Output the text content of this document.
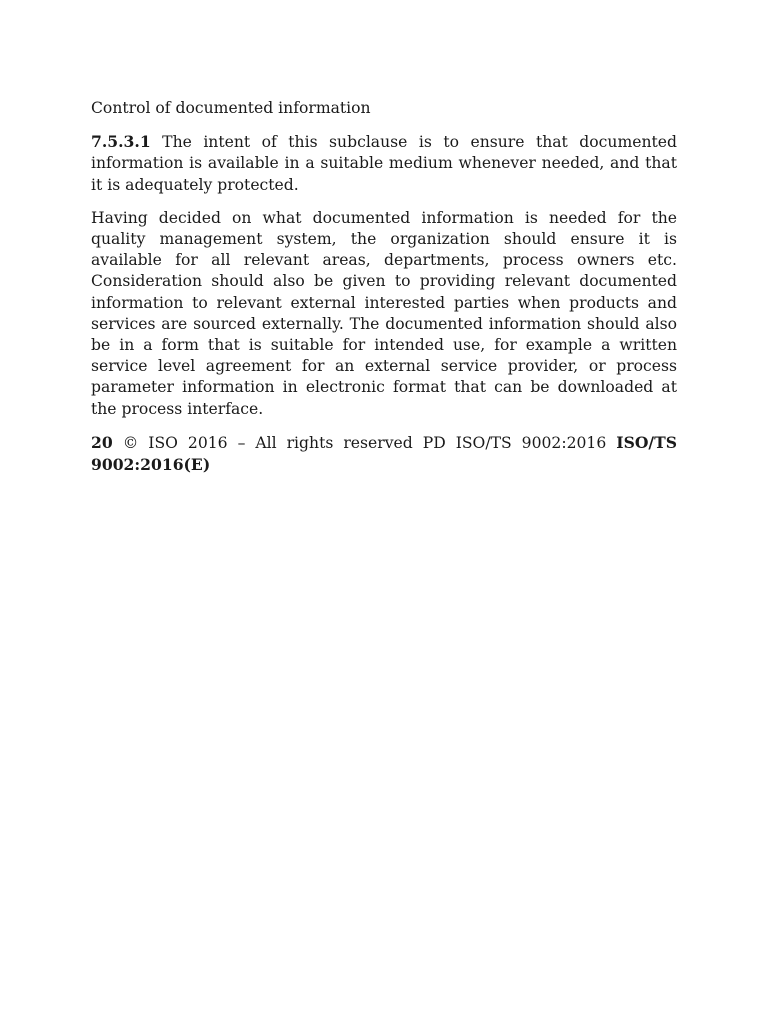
Control of documented information

7.5.3.1 The intent of this subclause is to ensure that documented information is available in a suitable medium whenever needed, and that it is adequately protected.

Having decided on what documented information is needed for the quality management system, the organization should ensure it is available for all relevant areas, departments, process owners etc. Consideration should also be given to providing relevant documented information to relevant external interested parties when products and services are sourced externally. The documented information should also be in a form that is suitable for intended use, for example a written service level agreement for an external service provider, or process parameter information in electronic format that can be downloaded at the process interface.

20 © ISO 2016 – All rights reserved PD ISO/TS 9002:2016 ISO/TS 9002:2016(E)
